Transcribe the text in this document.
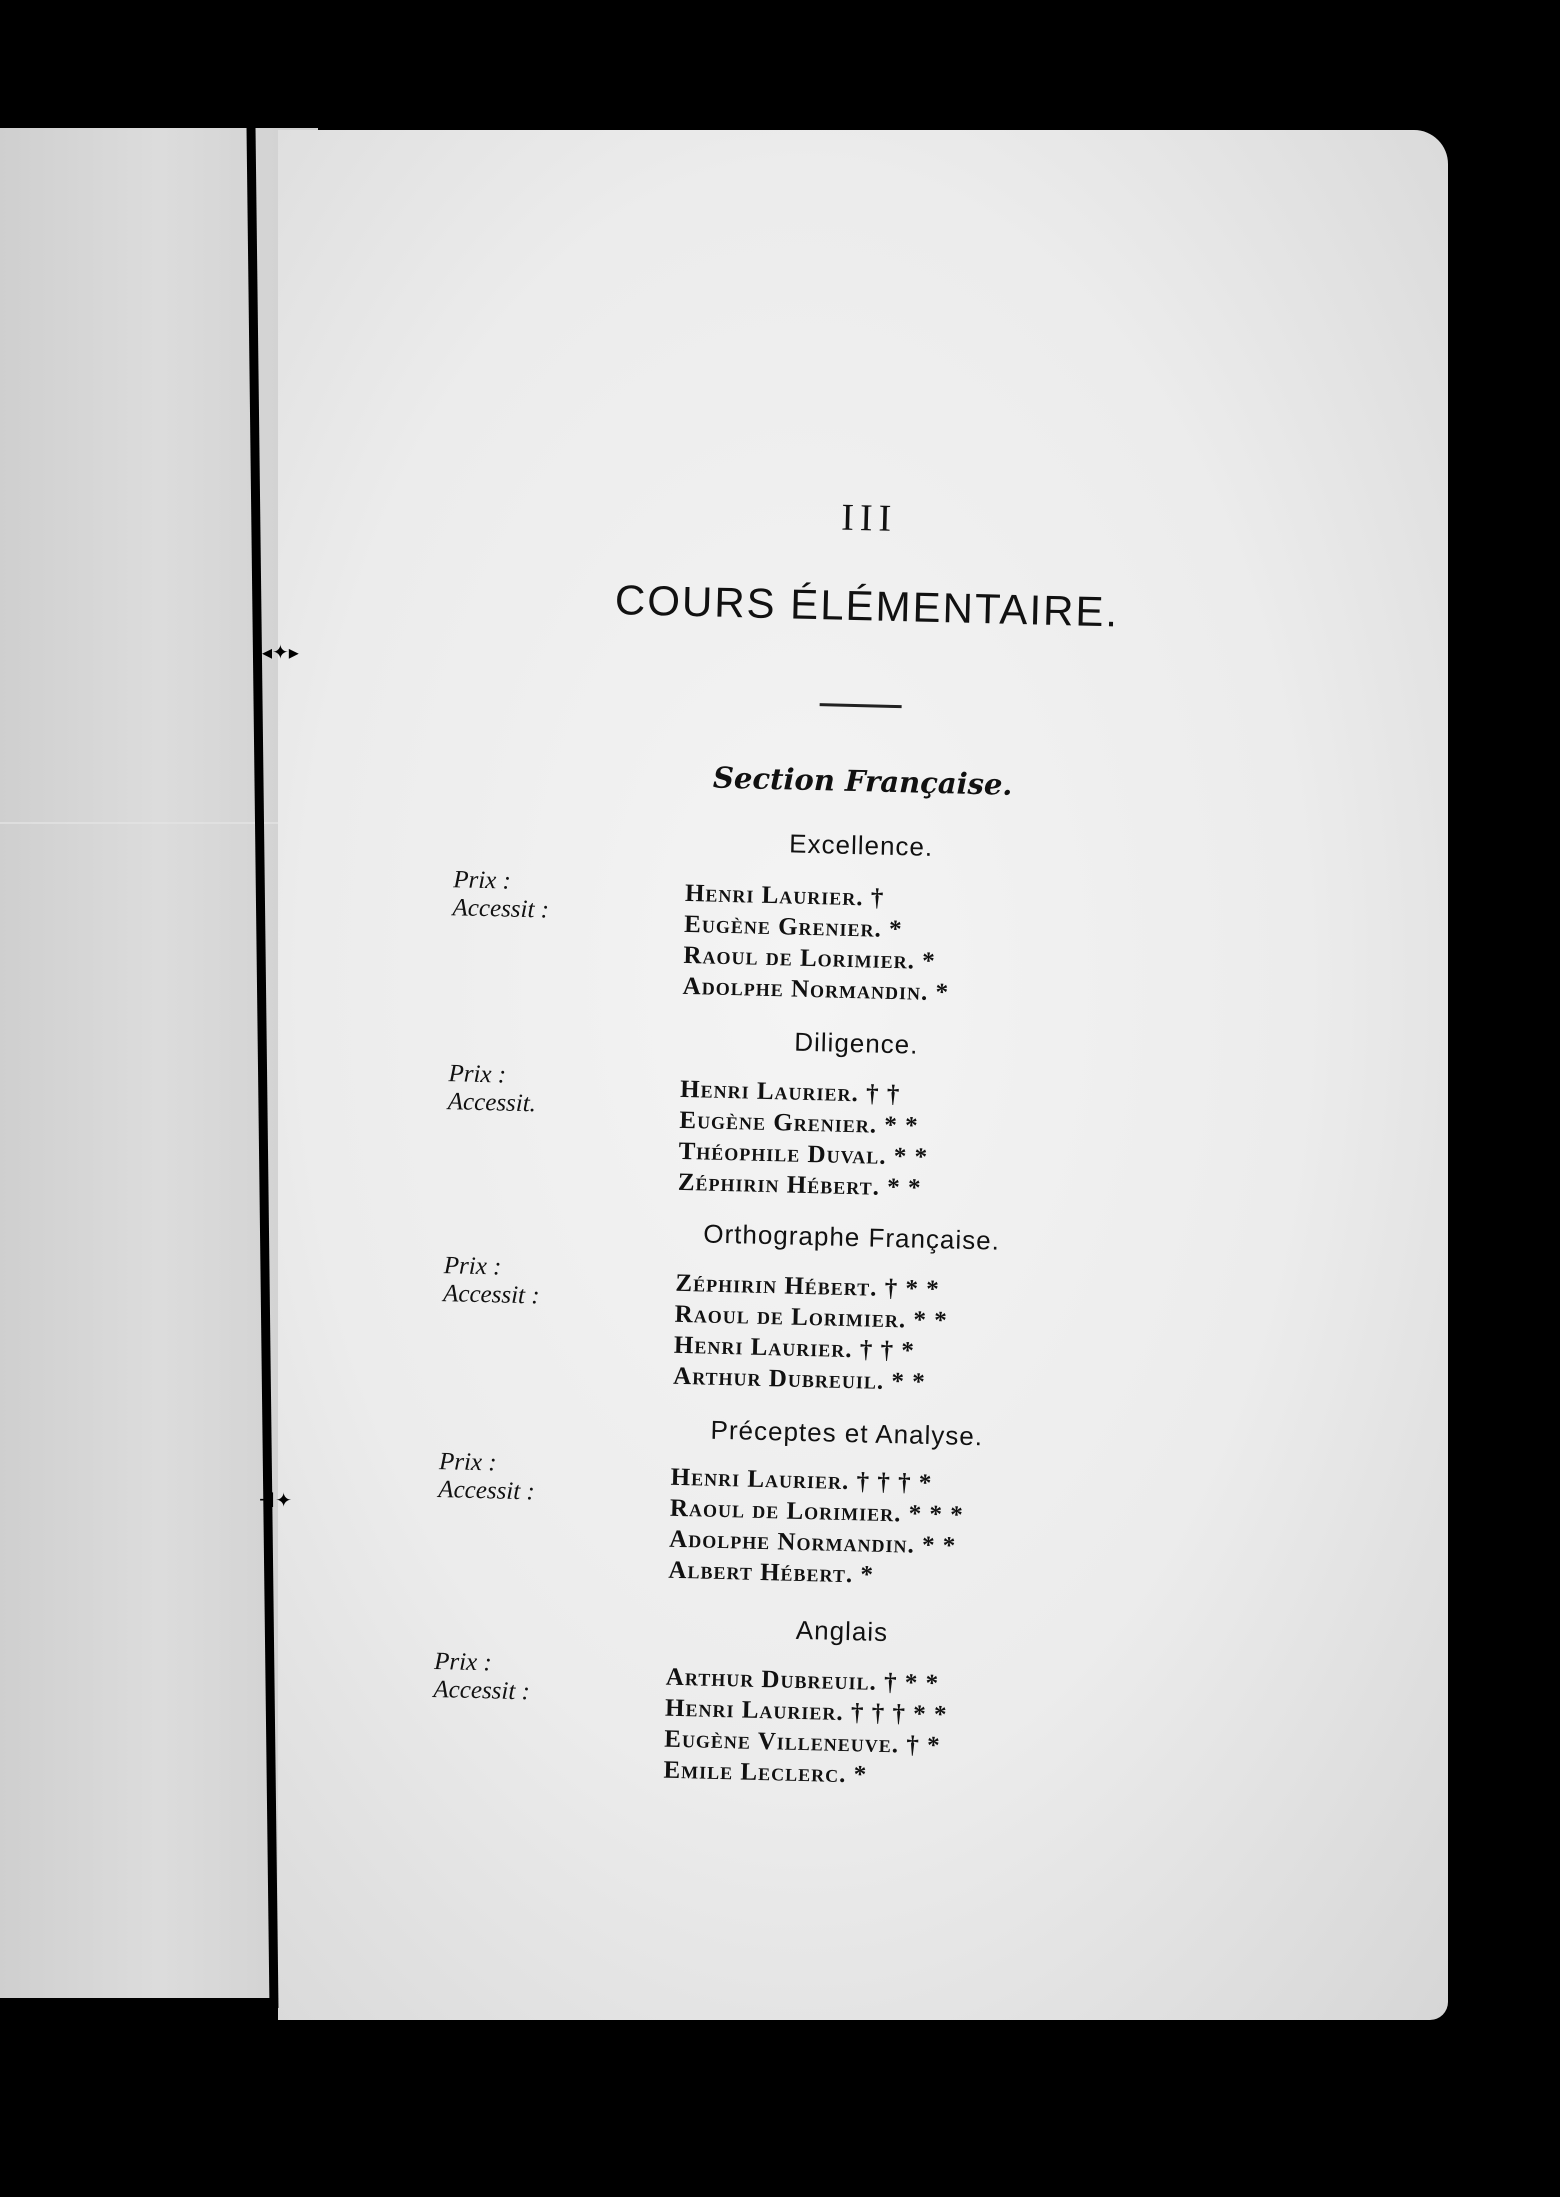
◂✦▸
⊣✦
III
COURS ÉLÉMENTAIRE.
Section Française.
Excellence.
Prix :
Accessit :	Henri Laurier. †
Eugène Grenier. *
Raoul de Lorimier. *
Adolphe Normandin. *
Diligence.
Prix :
Accessit.	Henri Laurier. † †
Eugène Grenier. * *
Théophile Duval. * *
Zéphirin Hébert. * *
Orthographe Française.
Prix :
Accessit :	Zéphirin Hébert. † * *
Raoul de Lorimier. * *
Henri Laurier. † † *
Arthur Dubreuil. * *
Préceptes et Analyse.
Prix :
Accessit :	Henri Laurier. † † † *
Raoul de Lorimier. * * *
Adolphe Normandin. * *
Albert Hébert. *
Anglais
Prix :
Accessit :	Arthur Dubreuil. † * *
Henri Laurier. † † † * *
Eugène Villeneuve. † *
Emile Leclerc. *
